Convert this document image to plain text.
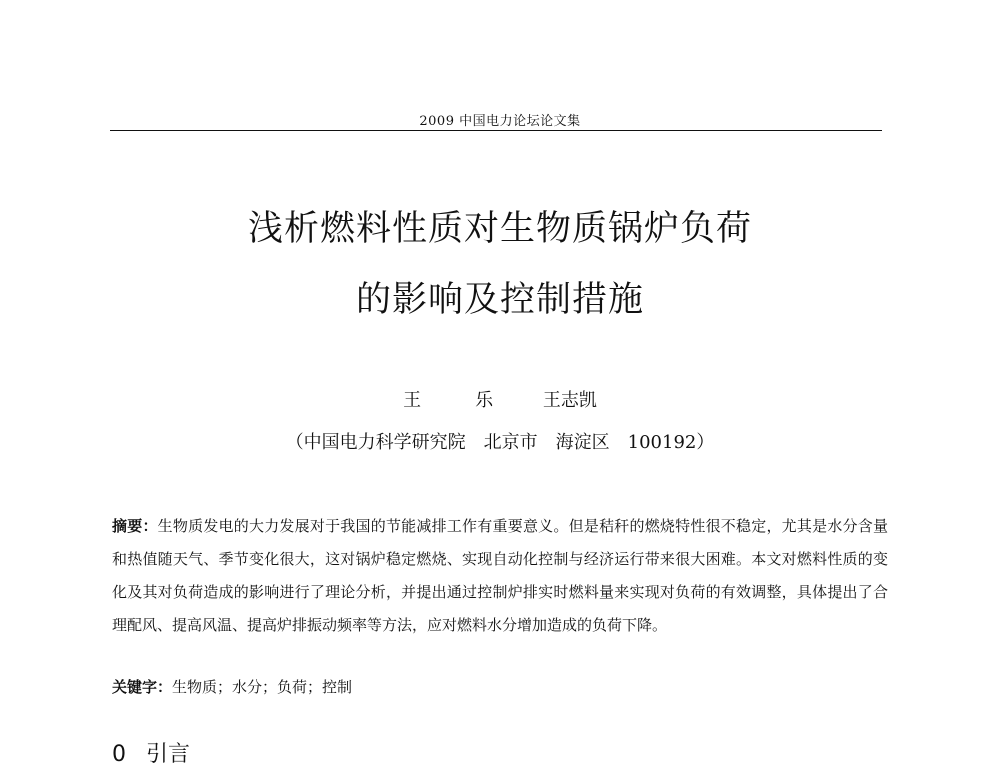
2009 中国电力论坛论文集
浅析燃料性质对生物质锅炉负荷
的影响及控制措施
王　乐 王志凯
（中国电力科学研究院　北京市　海淀区　100192）
摘要：生物质发电的大力发展对于我国的节能减排工作有重要意义。但是秸秆的燃烧特性很不稳定，尤其是水分含量和热值随天气、季节变化很大，这对锅炉稳定燃烧、实现自动化控制与经济运行带来很大困难。本文对燃料性质的变化及其对负荷造成的影响进行了理论分析，并提出通过控制炉排实时燃料量来实现对负荷的有效调整，具体提出了合理配风、提高风温、提高炉排振动频率等方法，应对燃料水分增加造成的负荷下降。
关键字：生物质；水分；负荷；控制
0 引言
